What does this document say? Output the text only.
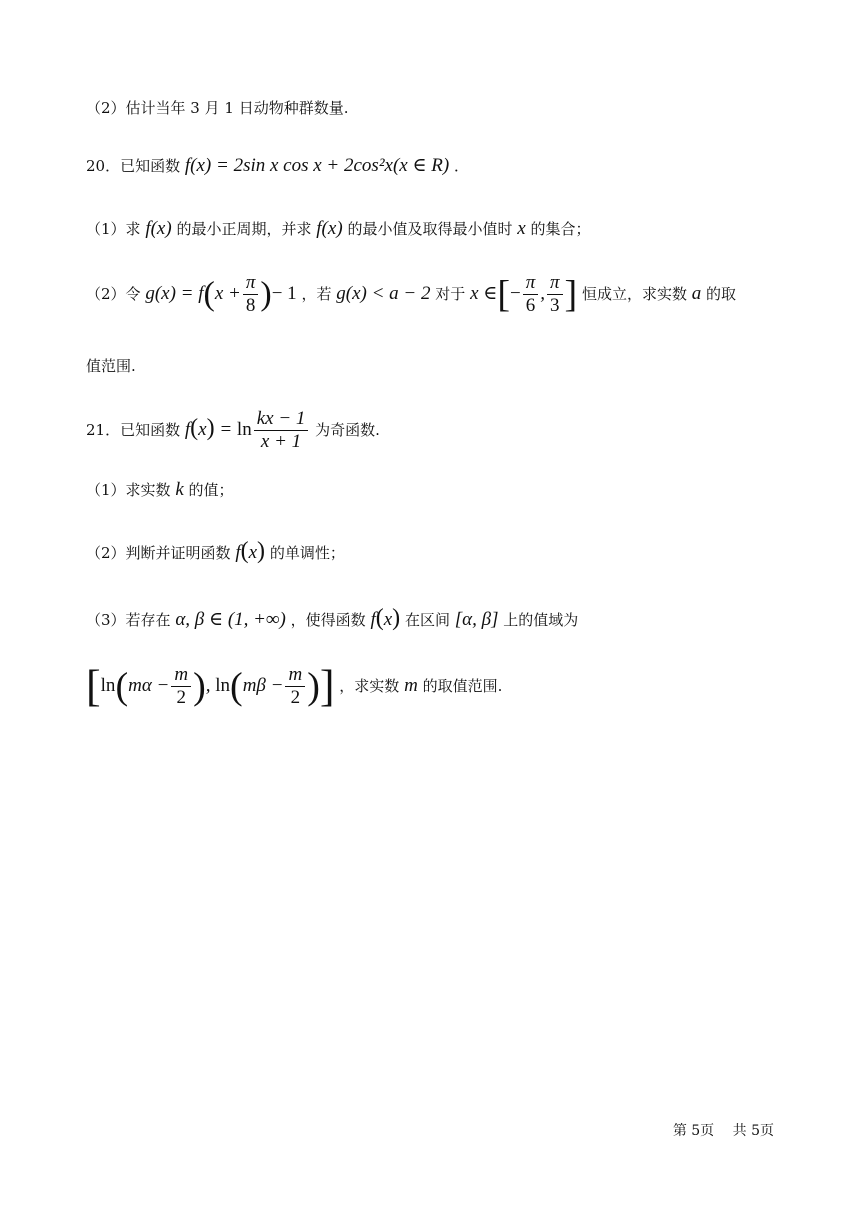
（2）估计当年 3 月 1 日动物种群数量.
20．已知函数 f(x) = 2sin x cos x + 2cos²x(x ∈ R) ．
（1）求 f(x) 的最小正周期，并求 f(x) 的最小值及取得最小值时 x 的集合；
（2）令 $g(x) = f(x + \frac{\pi}{8}$ )− 1 ，若 g(x) < a − 2 对于 x ∈[− $\frac{\pi}{6}$ , $\frac{\pi}{3}$ ] 恒成立，求实数 a 的取
值范围.
21．已知函数 $f(x) = \ln \frac{kx - 1}{x + 1}$ 为奇函数.
（1）求实数 k 的值；
（2）判断并证明函数 f(x) 的单调性；
（3）若存在 α, β ∈ (1, +∞) ，使得函数 f(x) 在区间 [α, β] 上的值域为
[$\ln(m\alpha - \frac{m}{2}$ ), $\ln(m\beta - \frac{m}{2}$ )] ，求实数 m 的取值范围.
第 5页 共 5页
